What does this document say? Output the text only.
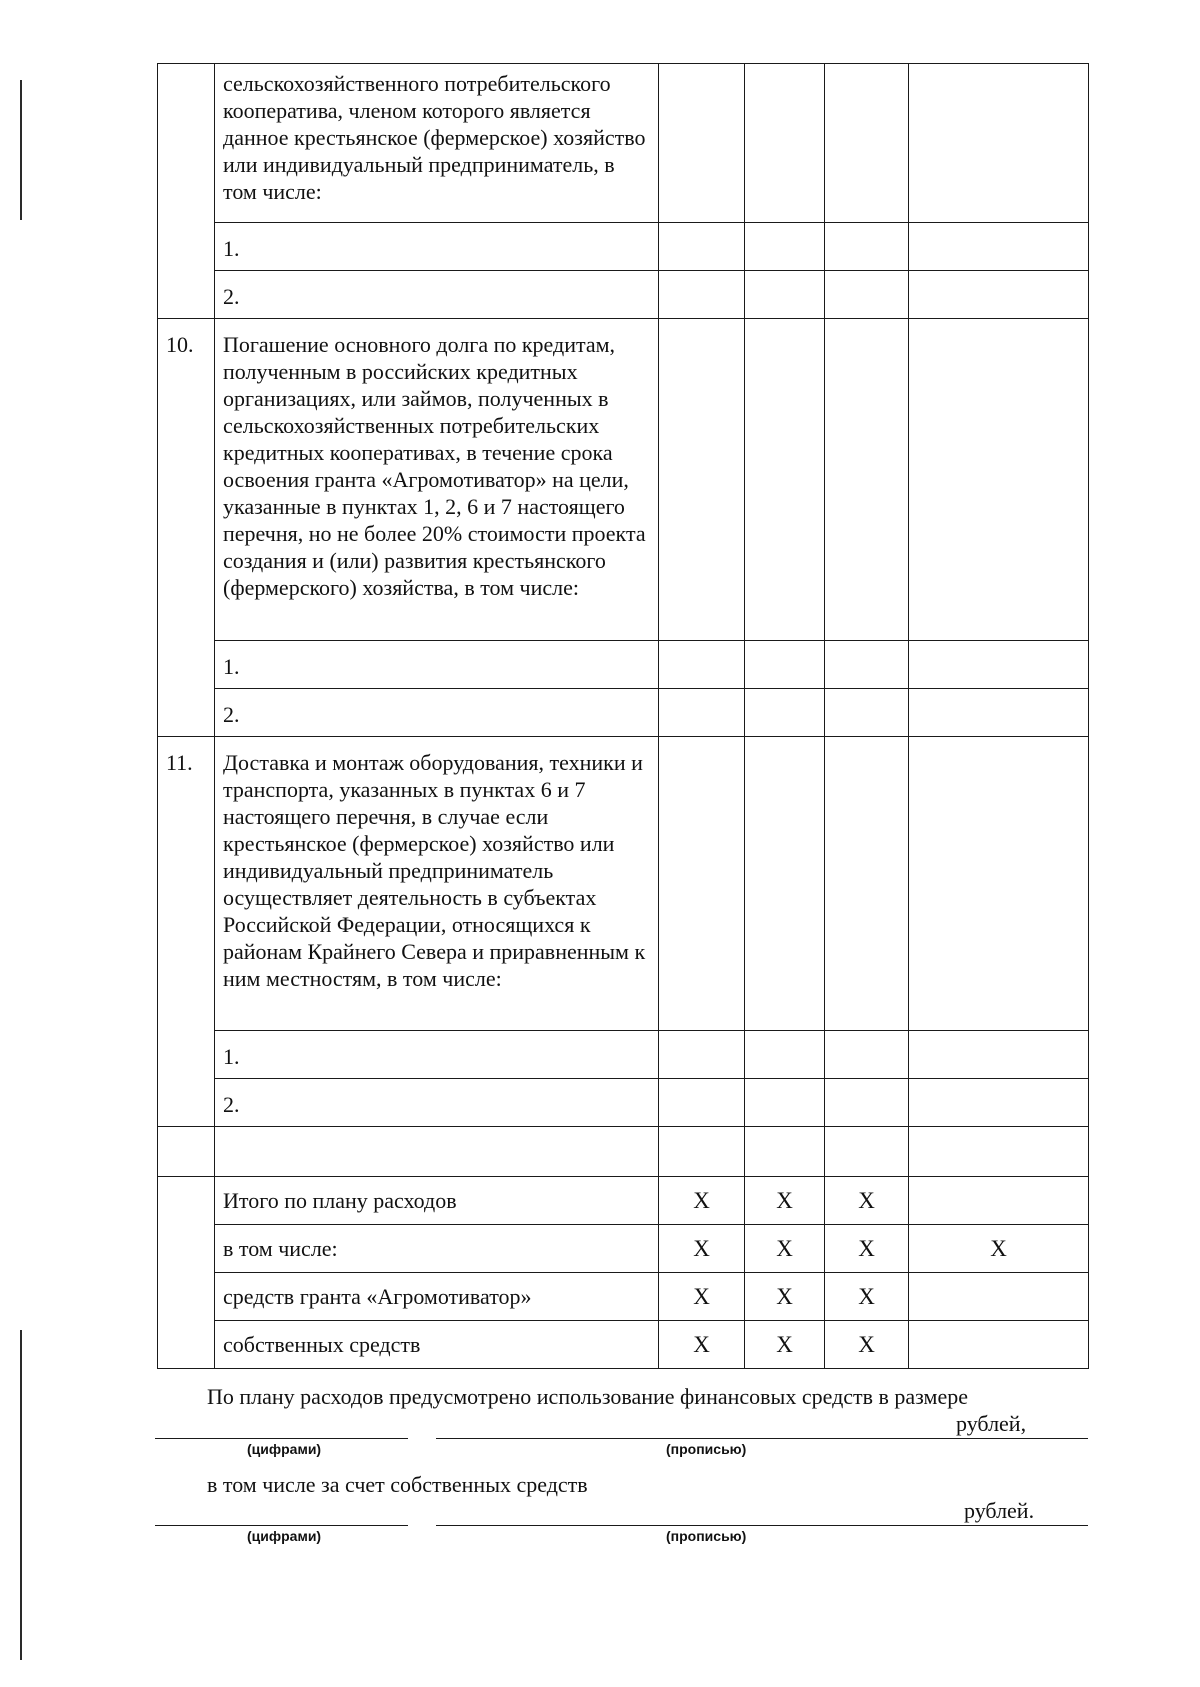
	сельскохозяйственного потребительского кооператива, членом которого является данное крестьянское (фермерское) хозяйство или индивидуальный предприниматель, в том числе:				
	1.				
	2.				
10.	Погашение основного долга по кредитам, полученным в российских кредитных организациях, или займов, полученных в сельскохозяйственных потребительских кредитных кооперативах, в течение срока освоения гранта «Агромотиватор» на цели, указанные в пунктах 1, 2, 6 и 7 настоящего перечня, но не более 20% стоимости проекта создания и (или) развития крестьянского (фермерского) хозяйства, в том числе:				
	1.				
	2.				
11.	Доставка и монтаж оборудования, техники и транспорта, указанных в пунктах 6 и 7 настоящего перечня, в случае если крестьянское (фермерское) хозяйство или индивидуальный предприниматель осуществляет деятельность в субъектах Российской Федерации, относящихся к районам Крайнего Севера и приравненным к ним местностям, в том числе:				
	1.				
	2.				

	Итого по плану расходов	X	X	X	
	в том числе:	X	X	X	X
	средств гранта «Агромотиватор»	X	X	X	
	собственных средств	X	X	X	
По плану расходов предусмотрено использование финансовых средств в размере
рублей,
(цифрами)	(прописью)
в том числе за счет собственных средств
рублей.
(цифрами)	(прописью)
